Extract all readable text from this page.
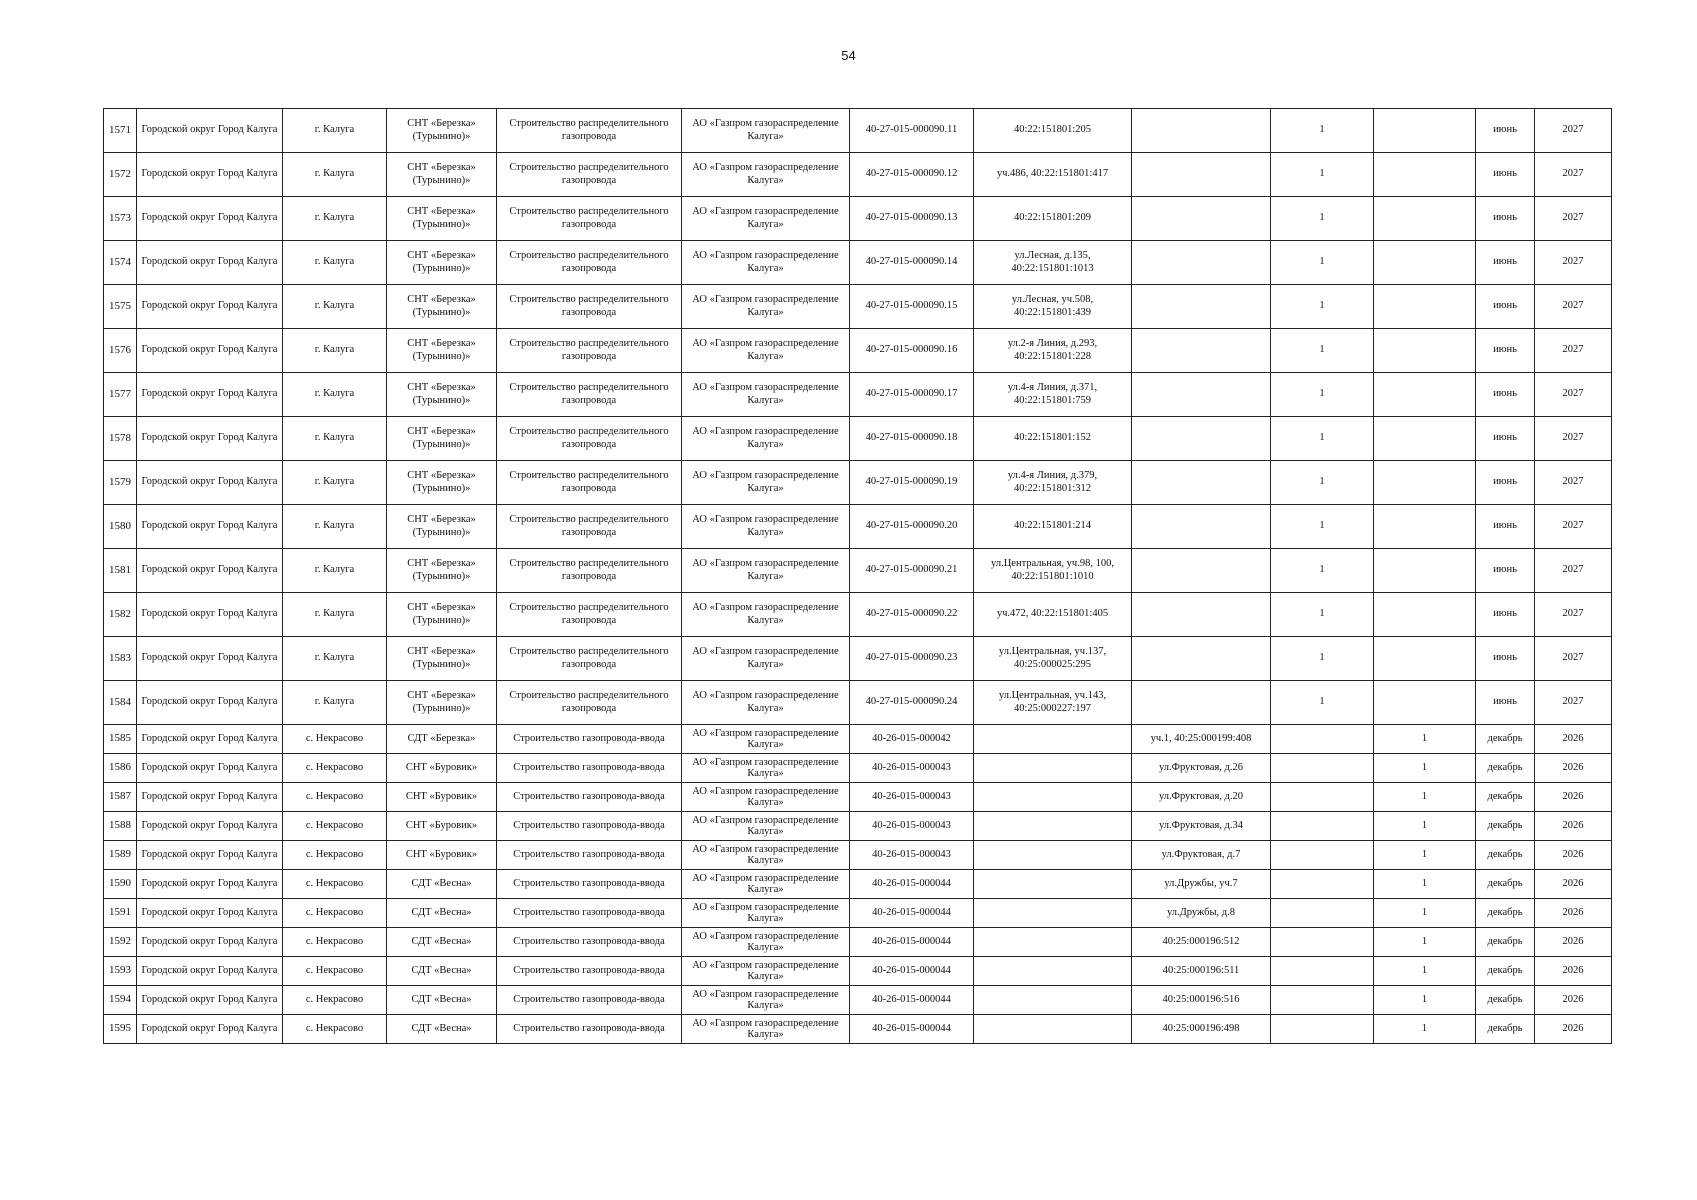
54
1571	Городской округ Город Калуга	г. Калуга	СНТ «Березка» (Турынино)»	Строительство распределительного газопровода	АО «Газпром газораспределение Калуга»	40-27-015-000090.11	40:22:151801:205		1		июнь	2027
1572	Городской округ Город Калуга	г. Калуга	СНТ «Березка» (Турынино)»	Строительство распределительного газопровода	АО «Газпром газораспределение Калуга»	40-27-015-000090.12	уч.486, 40:22:151801:417		1		июнь	2027
1573	Городской округ Город Калуга	г. Калуга	СНТ «Березка» (Турынино)»	Строительство распределительного газопровода	АО «Газпром газораспределение Калуга»	40-27-015-000090.13	40:22:151801:209		1		июнь	2027
1574	Городской округ Город Калуга	г. Калуга	СНТ «Березка» (Турынино)»	Строительство распределительного газопровода	АО «Газпром газораспределение Калуга»	40-27-015-000090.14	ул.Лесная, д.135, 40:22:151801:1013		1		июнь	2027
1575	Городской округ Город Калуга	г. Калуга	СНТ «Березка» (Турынино)»	Строительство распределительного газопровода	АО «Газпром газораспределение Калуга»	40-27-015-000090.15	ул.Лесная, уч.508, 40:22:151801:439		1		июнь	2027
1576	Городской округ Город Калуга	г. Калуга	СНТ «Березка» (Турынино)»	Строительство распределительного газопровода	АО «Газпром газораспределение Калуга»	40-27-015-000090.16	ул.2-я Линия, д.293, 40:22:151801:228		1		июнь	2027
1577	Городской округ Город Калуга	г. Калуга	СНТ «Березка» (Турынино)»	Строительство распределительного газопровода	АО «Газпром газораспределение Калуга»	40-27-015-000090.17	ул.4-я Линия, д.371, 40:22:151801:759		1		июнь	2027
1578	Городской округ Город Калуга	г. Калуга	СНТ «Березка» (Турынино)»	Строительство распределительного газопровода	АО «Газпром газораспределение Калуга»	40-27-015-000090.18	40:22:151801:152		1		июнь	2027
1579	Городской округ Город Калуга	г. Калуга	СНТ «Березка» (Турынино)»	Строительство распределительного газопровода	АО «Газпром газораспределение Калуга»	40-27-015-000090.19	ул.4-я Линия, д.379, 40:22:151801:312		1		июнь	2027
1580	Городской округ Город Калуга	г. Калуга	СНТ «Березка» (Турынино)»	Строительство распределительного газопровода	АО «Газпром газораспределение Калуга»	40-27-015-000090.20	40:22:151801:214		1		июнь	2027
1581	Городской округ Город Калуга	г. Калуга	СНТ «Березка» (Турынино)»	Строительство распределительного газопровода	АО «Газпром газораспределение Калуга»	40-27-015-000090.21	ул.Центральная, уч.98, 100, 40:22:151801:1010		1		июнь	2027
1582	Городской округ Город Калуга	г. Калуга	СНТ «Березка» (Турынино)»	Строительство распределительного газопровода	АО «Газпром газораспределение Калуга»	40-27-015-000090.22	уч.472, 40:22:151801:405		1		июнь	2027
1583	Городской округ Город Калуга	г. Калуга	СНТ «Березка» (Турынино)»	Строительство распределительного газопровода	АО «Газпром газораспределение Калуга»	40-27-015-000090.23	ул.Центральная, уч.137, 40:25:000025:295		1		июнь	2027
1584	Городской округ Город Калуга	г. Калуга	СНТ «Березка» (Турынино)»	Строительство распределительного газопровода	АО «Газпром газораспределение Калуга»	40-27-015-000090.24	ул.Центральная, уч.143, 40:25:000227:197		1		июнь	2027
1585	Городской округ Город Калуга	с. Некрасово	СДТ «Березка»	Строительство газопровода-ввода	АО «Газпром газораспределение Калуга»	40-26-015-000042		уч.1, 40:25:000199:408		1	декабрь	2026
1586	Городской округ Город Калуга	с. Некрасово	СНТ «Буровик»	Строительство газопровода-ввода	АО «Газпром газораспределение Калуга»	40-26-015-000043		ул.Фруктовая, д.26		1	декабрь	2026
1587	Городской округ Город Калуга	с. Некрасово	СНТ «Буровик»	Строительство газопровода-ввода	АО «Газпром газораспределение Калуга»	40-26-015-000043		ул.Фруктовая, д.20		1	декабрь	2026
1588	Городской округ Город Калуга	с. Некрасово	СНТ «Буровик»	Строительство газопровода-ввода	АО «Газпром газораспределение Калуга»	40-26-015-000043		ул.Фруктовая, д.34		1	декабрь	2026
1589	Городской округ Город Калуга	с. Некрасово	СНТ «Буровик»	Строительство газопровода-ввода	АО «Газпром газораспределение Калуга»	40-26-015-000043		ул.Фруктовая, д.7		1	декабрь	2026
1590	Городской округ Город Калуга	с. Некрасово	СДТ «Весна»	Строительство газопровода-ввода	АО «Газпром газораспределение Калуга»	40-26-015-000044		ул.Дружбы, уч.7		1	декабрь	2026
1591	Городской округ Город Калуга	с. Некрасово	СДТ «Весна»	Строительство газопровода-ввода	АО «Газпром газораспределение Калуга»	40-26-015-000044		ул.Дружбы, д.8		1	декабрь	2026
1592	Городской округ Город Калуга	с. Некрасово	СДТ «Весна»	Строительство газопровода-ввода	АО «Газпром газораспределение Калуга»	40-26-015-000044		40:25:000196:512		1	декабрь	2026
1593	Городской округ Город Калуга	с. Некрасово	СДТ «Весна»	Строительство газопровода-ввода	АО «Газпром газораспределение Калуга»	40-26-015-000044		40:25:000196:511		1	декабрь	2026
1594	Городской округ Город Калуга	с. Некрасово	СДТ «Весна»	Строительство газопровода-ввода	АО «Газпром газораспределение Калуга»	40-26-015-000044		40:25:000196:516		1	декабрь	2026
1595	Городской округ Город Калуга	с. Некрасово	СДТ «Весна»	Строительство газопровода-ввода	АО «Газпром газораспределение Калуга»	40-26-015-000044		40:25:000196:498		1	декабрь	2026
